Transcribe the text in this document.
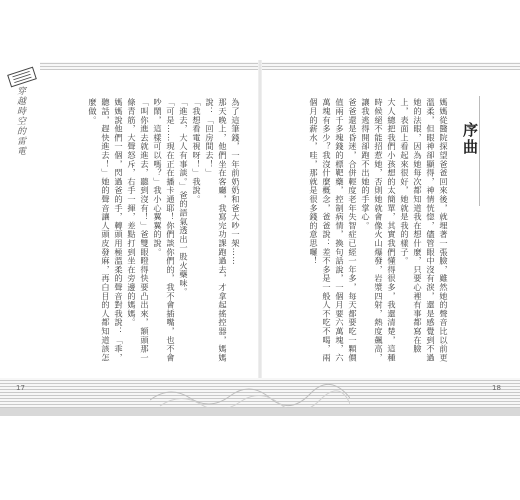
穿越時空的雷電	為了這筆錢，一年前奶奶和爸大吵一架……

那天晚上，他們坐在客廳，我寫完功課跑過去，才拿起搖控器，媽媽說：「回房間去！」

「我想看電視呀！」我說。

「進去，大人有事談。」爸的語氣透出一股火藥味。

「可是……現在正在播卡通耶！你們談你們的，我不會插嘴，也不會吵鬧，這樣可以嗎？」我小心翼翼的說。

「叫你進去就進去，聽到沒有！」爸雙眼瞪得快要凸出來，額頭那一條青筋，大聲怒斥，右手一揮，差點打到坐在旁邊的媽媽。

媽媽說他們一個，閃過爸的手，轉頭用極溫柔的聲音對我說：「乖，聽話，趕快進去！」她的聲音讓人頭皮發麻，再白目的人都知道該怎麼做。	媽媽從醫院探望爸爸回來後，就埋著一張臉，雖然她的聲音比以前更溫柔，但眼神卻顯得，神情恍惚，儘管眼中沒有淚，還是感覺到不過她的法眼，因為她每次都知道我在想什麼，只要心裡有事都寫在臉上，表面上看起來很好，她就是我的樣子。

大人總把我們小孩想的太簡單，其實我們懂得很多，我還清楚，這種時候絕不能招惹她，否則她就會像火山爆發，岩漿四射，熱度飆高，讓我逃得開卻跑不出她的手掌心。

爸爸還是昏迷，合併輕度老年失智症已經一年多，每天都要吃一顆價值兩千多塊錢的標靶藥，控制病情，換句話說，一個月要六萬塊，六萬塊有多少？我沒什麼概念，爸爸說：差不多是一般人不吃不喝，兩個月的薪水，哇，那就是很多錢的意思囉！	序曲
17	18
